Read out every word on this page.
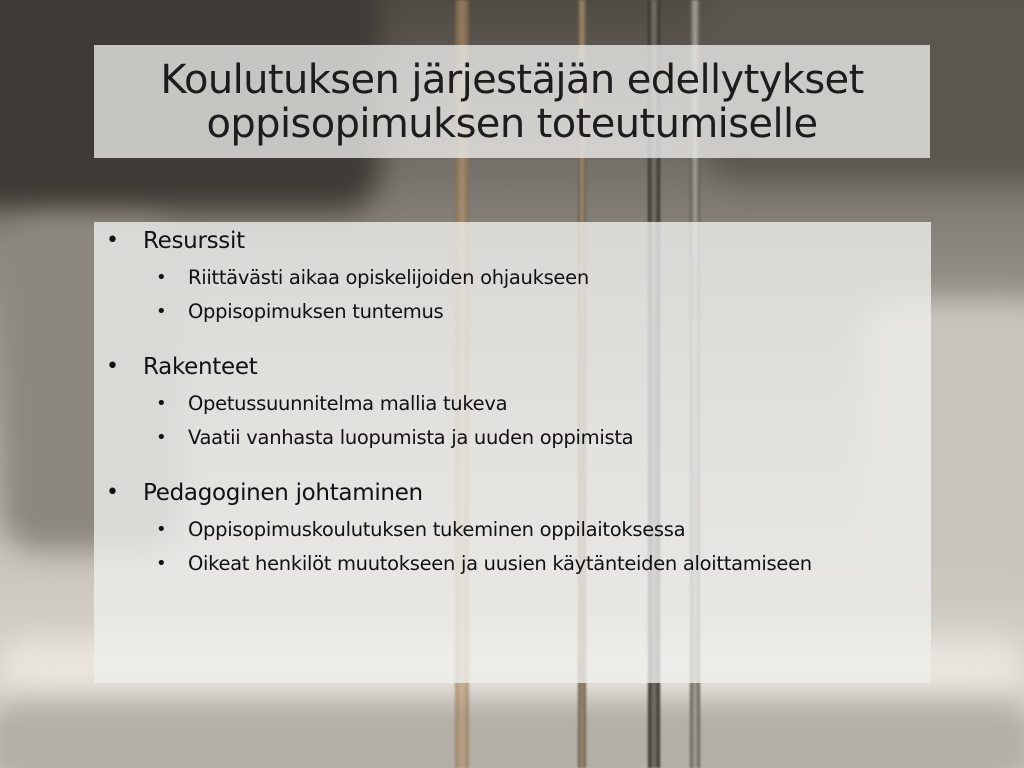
Koulutuksen järjestäjän edellytykset oppisopimuksen toteutumiselle
• Resurssit
• Riittävästi aikaa opiskelijoiden ohjaukseen
• Oppisopimuksen tuntemus
• Rakenteet
• Opetussuunnitelma mallia tukeva
• Vaatii vanhasta luopumista ja uuden oppimista
• Pedagoginen johtaminen
• Oppisopimuskoulutuksen tukeminen oppilaitoksessa
• Oikeat henkilöt muutokseen ja uusien käytänteiden aloittamiseen
